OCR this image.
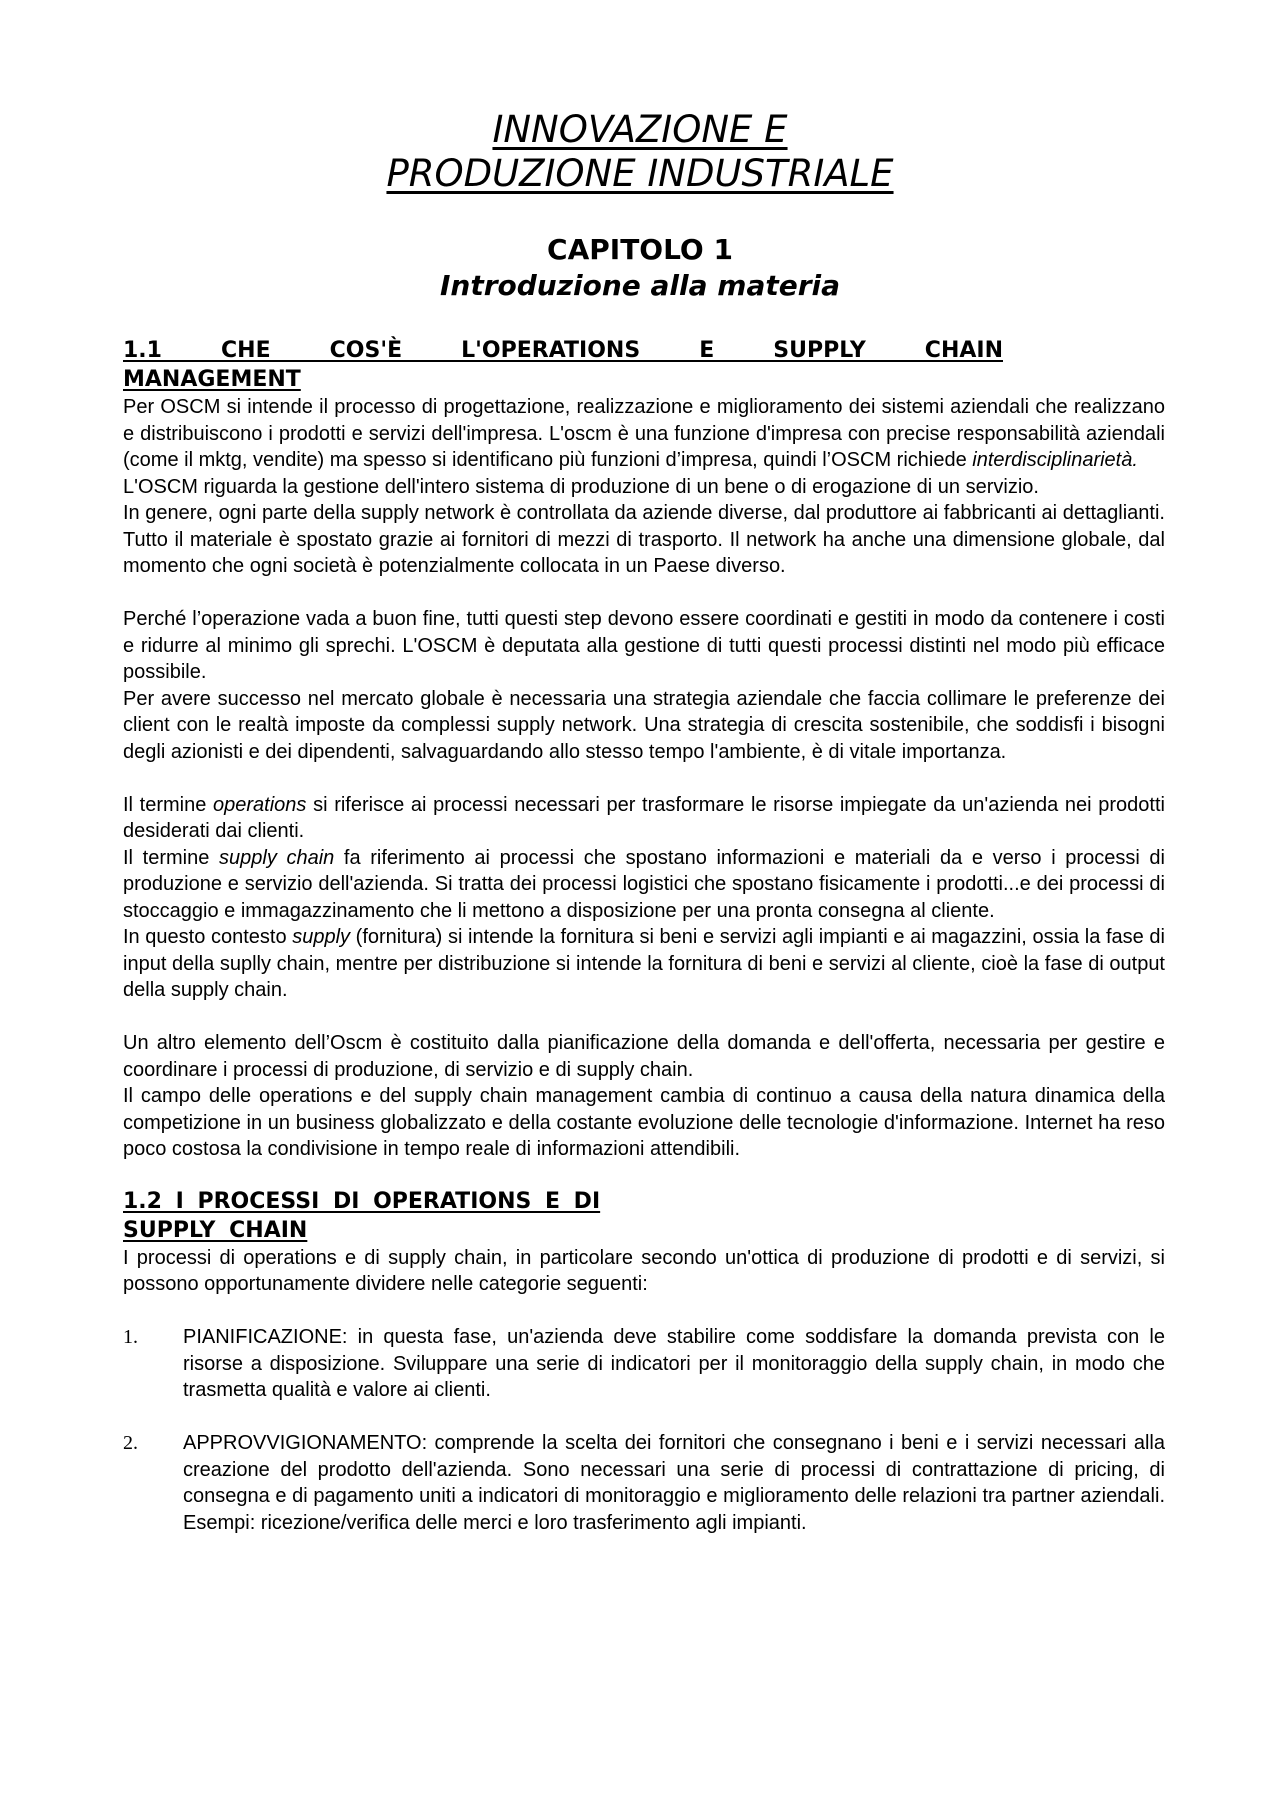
INNOVAZIONE E
PRODUZIONE INDUSTRIALE
CAPITOLO 1
Introduzione alla materia
1.1 CHE COS'È L'OPERATIONS E SUPPLY CHAIN
MANAGEMENT

Per OSCM si intende il processo di progettazione, realizzazione e miglioramento dei sistemi aziendali che realizzano e distribuiscono i prodotti e servizi dell'impresa. L'oscm è una funzione d'impresa con precise responsabilità aziendali (come il mktg, vendite) ma spesso si identificano più funzioni d’impresa, quindi l’OSCM richiede interdisciplinarietà.

L'OSCM riguarda la gestione dell'intero sistema di produzione di un bene o di erogazione di un servizio.

In genere, ogni parte della supply network è controllata da aziende diverse, dal produttore ai fabbricanti ai dettaglianti. Tutto il materiale è spostato grazie ai fornitori di mezzi di trasporto. Il network ha anche una dimensione globale, dal momento che ogni società è potenzialmente collocata in un Paese diverso.

Perché l’operazione vada a buon fine, tutti questi step devono essere coordinati e gestiti in modo da contenere i costi e ridurre al minimo gli sprechi. L'OSCM è deputata alla gestione di tutti questi processi distinti nel modo più efficace possibile.

Per avere successo nel mercato globale è necessaria una strategia aziendale che faccia collimare le preferenze dei client con le realtà imposte da complessi supply network. Una strategia di crescita sostenibile, che soddisfi i bisogni degli azionisti e dei dipendenti, salvaguardando allo stesso tempo l'ambiente, è di vitale importanza.

Il termine operations si riferisce ai processi necessari per trasformare le risorse impiegate da un'azienda nei prodotti desiderati dai clienti.

Il termine supply chain fa riferimento ai processi che spostano informazioni e materiali da e verso i processi di produzione e servizio dell'azienda. Si tratta dei processi logistici che spostano fisicamente i prodotti...e dei processi di stoccaggio e immagazzinamento che li mettono a disposizione per una pronta consegna al cliente.

In questo contesto supply (fornitura) si intende la fornitura si beni e servizi agli impianti e ai magazzini, ossia la fase di input della suplly chain, mentre per distribuzione si intende la fornitura di beni e servizi al cliente, cioè la fase di output della supply chain.

Un altro elemento dell’Oscm è costituito dalla pianificazione della domanda e dell'offerta, necessaria per gestire e coordinare i processi di produzione, di servizio e di supply chain.

Il campo delle operations e del supply chain management cambia di continuo a causa della natura dinamica della competizione in un business globalizzato e della costante evoluzione delle tecnologie d'informazione. Internet ha reso poco costosa la condivisione in tempo reale di informazioni attendibili.

1.2 I PROCESSI DI OPERATIONS E DI
SUPPLY CHAIN

I processi di operations e di supply chain, in particolare secondo un'ottica di produzione di prodotti e di servizi, si possono opportunamente dividere nelle categorie seguenti:

1. PIANIFICAZIONE: in questa fase, un'azienda deve stabilire come soddisfare la domanda prevista con le risorse a disposizione. Sviluppare una serie di indicatori per il monitoraggio della supply chain, in modo che trasmetta qualità e valore ai clienti.
2. APPROVVIGIONAMENTO: comprende la scelta dei fornitori che consegnano i beni e i servizi necessari alla creazione del prodotto dell'azienda. Sono necessari una serie di processi di contrattazione di pricing, di consegna e di pagamento uniti a indicatori di monitoraggio e miglioramento delle relazioni tra partner aziendali. Esempi: ricezione/verifica delle merci e loro trasferimento agli impianti.
